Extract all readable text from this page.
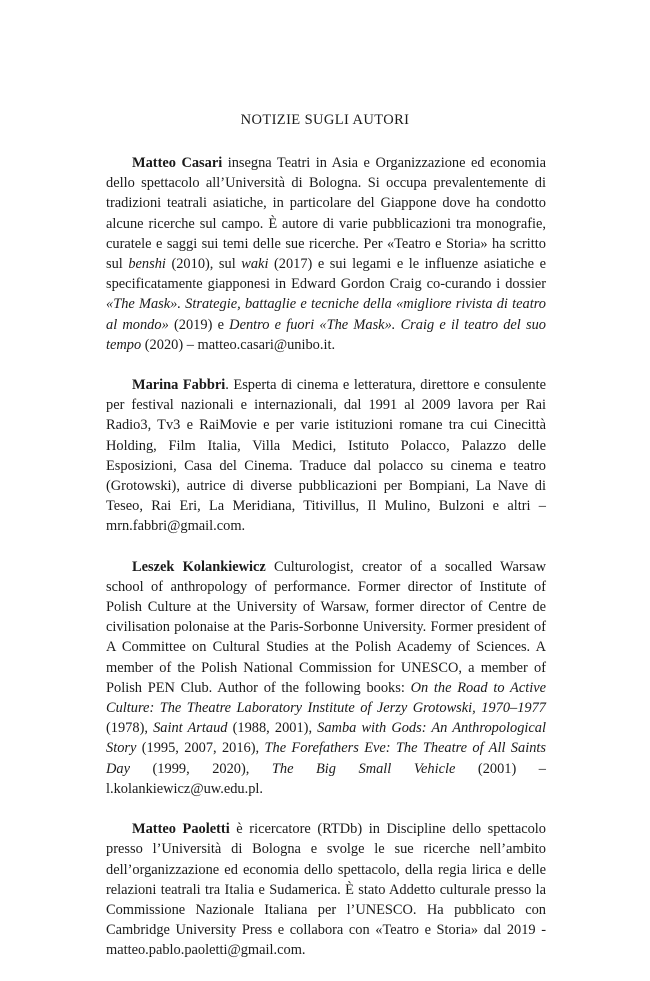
NOTIZIE SUGLI AUTORI

Matteo Casari insegna Teatri in Asia e Organizzazione ed economia dello spettacolo all’Università di Bologna. Si occupa prevalentemente di tradizioni teatrali asiatiche, in particolare del Giappone dove ha condotto alcune ricerche sul campo. È autore di varie pubblicazioni tra monografie, curatele e saggi sui temi delle sue ricerche. Per «Teatro e Storia» ha scritto sul benshi (2010), sul waki (2017) e sui legami e le influenze asiatiche e specificatamente giapponesi in Edward Gordon Craig co-curando i dossier «The Mask». Strategie, battaglie e tecniche della «migliore rivista di teatro al mondo» (2019) e Dentro e fuori «The Mask». Craig e il teatro del suo tempo (2020) – matteo.casari@unibo.it.

Marina Fabbri. Esperta di cinema e letteratura, direttore e consulente per festival nazionali e internazionali, dal 1991 al 2009 lavora per Rai Radio3, Tv3 e RaiMovie e per varie istituzioni romane tra cui Cinecittà Holding, Film Italia, Villa Medici, Istituto Polacco, Palazzo delle Esposizioni, Casa del Cinema. Traduce dal polacco su cinema e teatro (Grotowski), autrice di diverse pubblicazioni per Bompiani, La Nave di Teseo, Rai Eri, La Meridiana, Titivillus, Il Mulino, Bulzoni e altri – mrn.fabbri@gmail.com.

Leszek Kolankiewicz Culturologist, creator of a socalled Warsaw school of anthropology of performance. Former director of Institute of Polish Culture at the University of Warsaw, former director of Centre de civilisation polonaise at the Paris-Sorbonne University. Former president of A Committee on Cultural Studies at the Polish Academy of Sciences. A member of the Polish National Commission for UNESCO, a member of Polish PEN Club. Author of the following books: On the Road to Active Culture: The Theatre Laboratory Institute of Jerzy Grotowski, 1970–1977 (1978), Saint Artaud (1988, 2001), Samba with Gods: An Anthropological Story (1995, 2007, 2016), The Forefathers Eve: The Theatre of All Saints Day (1999, 2020), The Big Small Vehicle (2001) – l.kolankiewicz@uw.edu.pl.

Matteo Paoletti è ricercatore (RTDb) in Discipline dello spettacolo presso l’Università di Bologna e svolge le sue ricerche nell’ambito dell’organizzazione ed economia dello spettacolo, della regia lirica e delle relazioni teatrali tra Italia e Sudamerica. È stato Addetto culturale presso la Commissione Nazionale Italiana per l’UNESCO. Ha pubblicato con Cambridge University Press e collabora con «Teatro e Storia» dal 2019 - matteo.pablo.paoletti@gmail.com.
